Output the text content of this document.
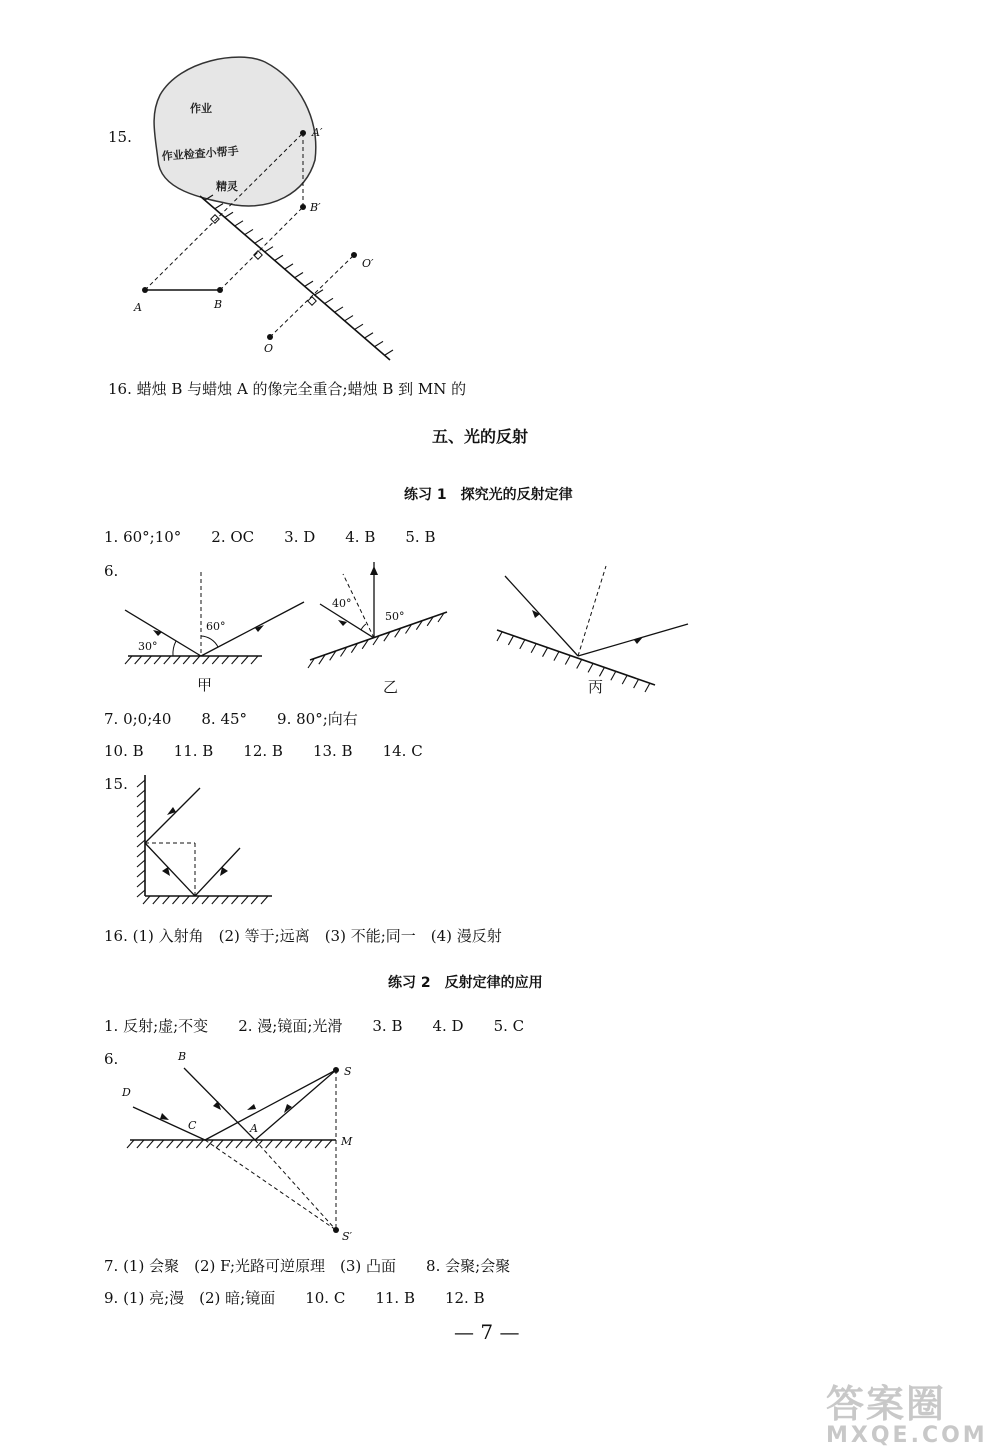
作业
作业检查小帮手
精灵
A′
B′
O′
A	B
O
15.
16. 蜡烛 B 与蜡烛 A 的像完全重合;蜡烛 B 到 MN 的
五、光的反射
练习 1　探究光的反射定律
1. 60°;10°　　2. OC　　3. D　　4. B　　5. B
6.
30°
60°
40°
50°
甲	乙	丙
7. 0;0;40　　8. 45°　　9. 80°;向右
10. B　　11. B　　12. B　　13. B　　14. C
15.
16. (1) 入射角　(2) 等于;远离　(3) 不能;同一　(4) 漫反射
练习 2　反射定律的应用
1. 反射;虚;不变　　2. 漫;镜面;光滑　　3. B　　4. D　　5. C
6.	B
D
C	A
S
M
S′
7. (1) 会聚　(2) F;光路可逆原理　(3) 凸面　　8. 会聚;会聚
9. (1) 亮;漫　(2) 暗;镜面　　10. C　　11. B　　12. B
— 7 —
答案圈
MXQE.COM
